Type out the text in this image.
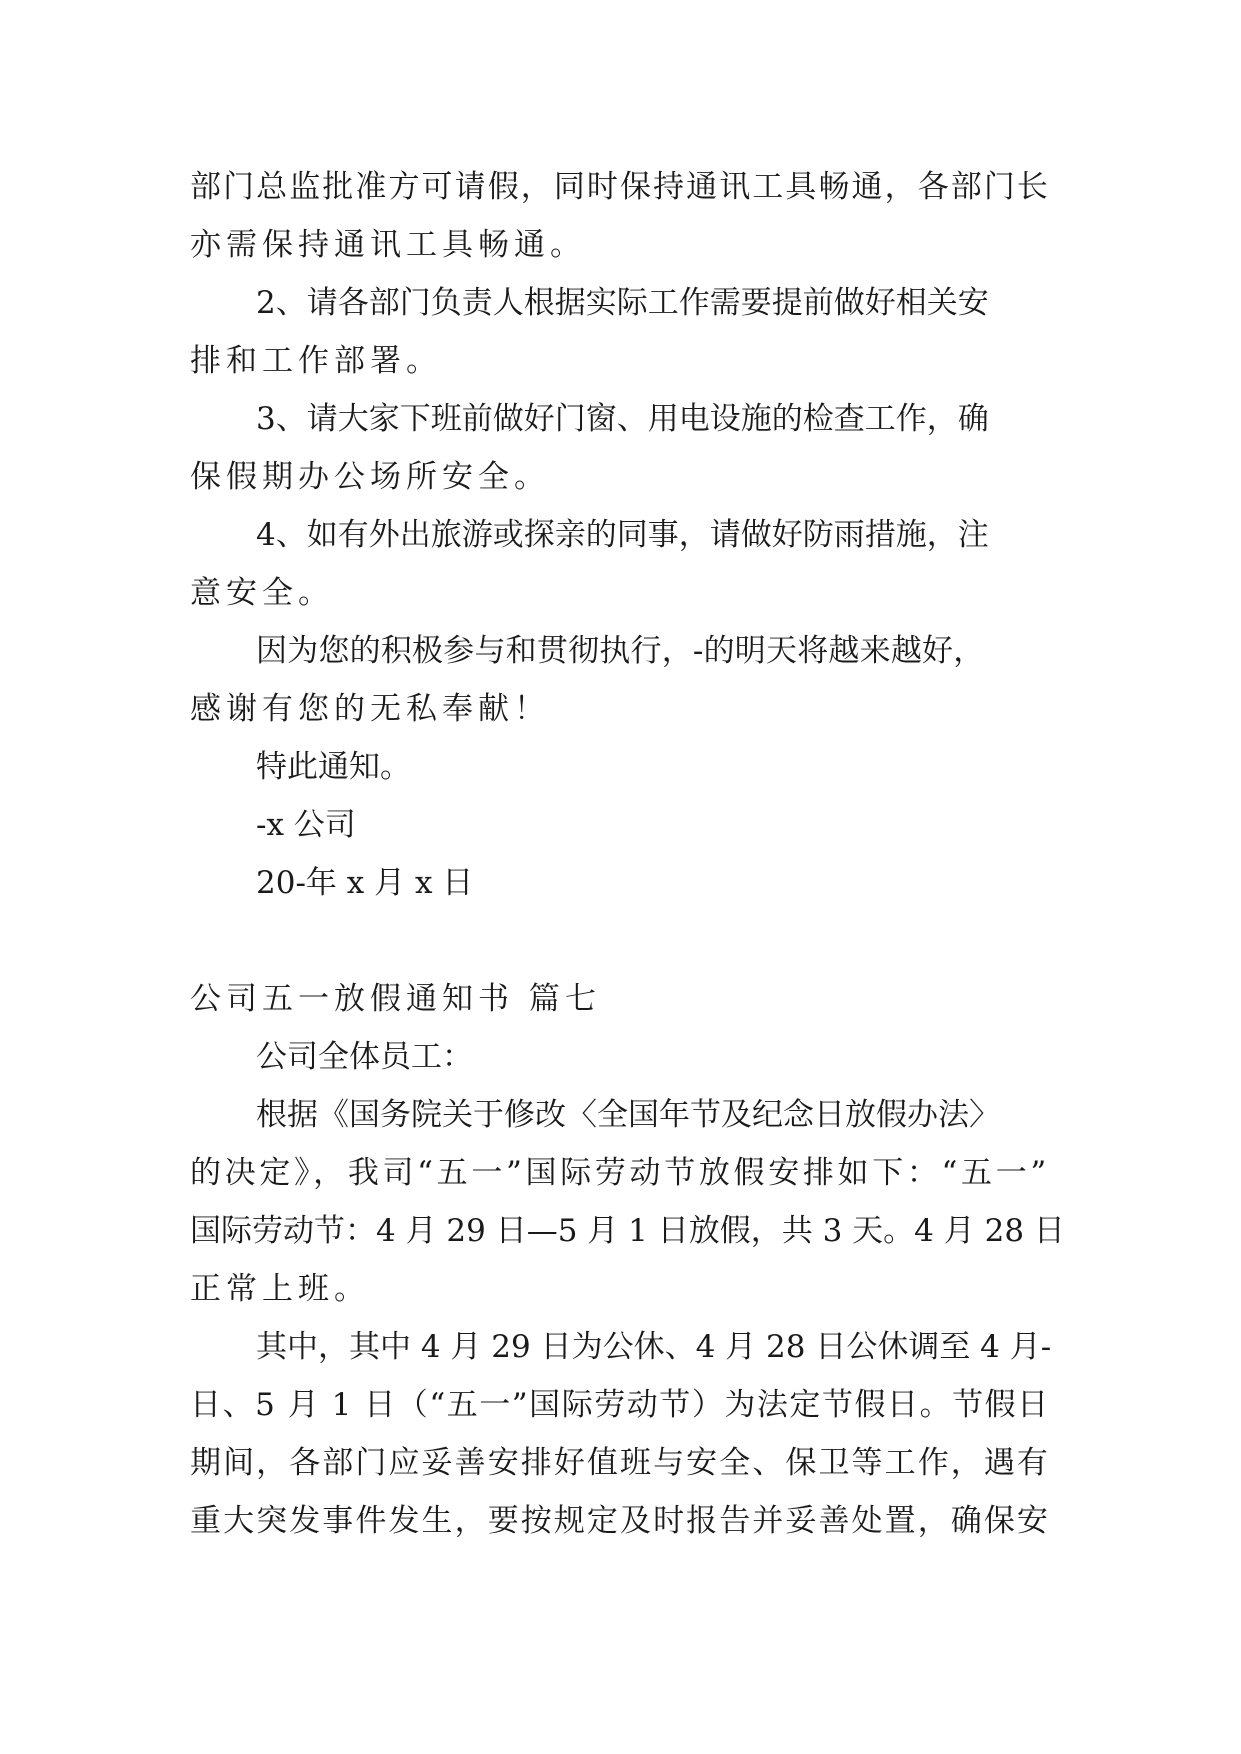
部门总监批准方可请假，同时保持通讯工具畅通，各部门长
亦需保持通讯工具畅通。
2、请各部门负责人根据实际工作需要提前做好相关安
排和工作部署。
3、请大家下班前做好门窗、用电设施的检查工作，确
保假期办公场所安全。
4、如有外出旅游或探亲的同事，请做好防雨措施，注
意安全。
因为您的积极参与和贯彻执行，-的明天将越来越好，
感谢有您的无私奉献！
特此通知。
-x 公司
20-年 x 月 x 日
公司五一放假通知书 篇七
公司全体员工：
根据《国务院关于修改〈全国年节及纪念日放假办法〉
的决定》，我司“五一”国际劳动节放假安排如下：“五一”
国际劳动节：4 月 29 日—5 月 1 日放假，共 3 天。4 月 28 日
正常上班。
其中，其中 4 月 29 日为公休、4 月 28 日公休调至 4 月-
日、5 月 1 日（“五一”国际劳动节）为法定节假日。节假日
期间，各部门应妥善安排好值班与安全、保卫等工作，遇有
重大突发事件发生，要按规定及时报告并妥善处置，确保安
